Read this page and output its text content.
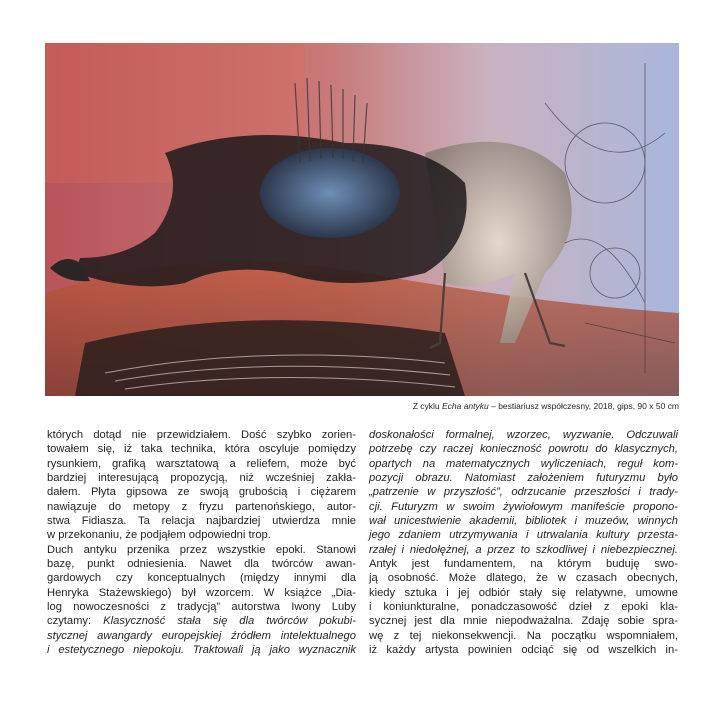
Z cyklu Echa antyku – bestiariusz współczesny, 2018, gips, 90 x 50 cm
których dotąd nie przewidziałem. Dość szybko zorien-
towałem się, iż taka technika, która oscyluje pomiędzy
rysunkiem, grafiką warsztatową a reliefem, może być
bardziej interesującą propozycją, niż wcześniej zakła-
dałem. Płyta gipsowa ze swoją grubością i ciężarem
nawiązuje do metopy z fryzu partenońskiego, autor-
stwa Fidiasza. Ta relacja najbardziej utwierdza mnie
w przekonaniu, że podjąłem odpowiedni trop.
Duch antyku przenika przez wszystkie epoki. Stanowi
bazę, punkt odniesienia. Nawet dla twórców awan-
gardowych czy konceptualnych (między innymi dla
Henryka Stażewskiego) był wzorcem. W książce „Dia-
log nowoczesności z tradycją” autorstwa Iwony Luby
czytamy: Klasyczność stała się dla twórców pokubi-
stycznej awangardy europejskiej źródłem intelektualnego
i estetycznego niepokoju. Traktowali ją jako wyznacznik
doskonałości formalnej, wzorzec, wyzwanie. Odczuwali
potrzebę czy raczej konieczność powrotu do klasycznych,
opartych na matematycznych wyliczeniach, reguł kom-
pozycji obrazu. Natomiast założeniem futuryzmu było
„patrzenie w przyszłość”, odrzucanie przeszłości i trady-
cji. Futuryzm w swoim żywiołowym manifeście propono-
wał unicestwienie akademii, bibliotek i muzeów, winnych
jego zdaniem utrzymywania i utrwalania kultury przesta-
rzałej i niedołężnej, a przez to szkodliwej i niebezpiecznej.
Antyk jest fundamentem, na którym buduję swo-
ją osobność. Może dlatego, że w czasach obecnych,
kiedy sztuka i jej odbiór stały się relatywne, umowne
i koniunkturalne, ponadczasowość dzieł z epoki kla-
sycznej jest dla mnie niepodważalna. Zdaję sobie spra-
wę z tej niekonsekwencji. Na początku wspomniałem,
iż każdy artysta powinien odciąć się od wszelkich in-
